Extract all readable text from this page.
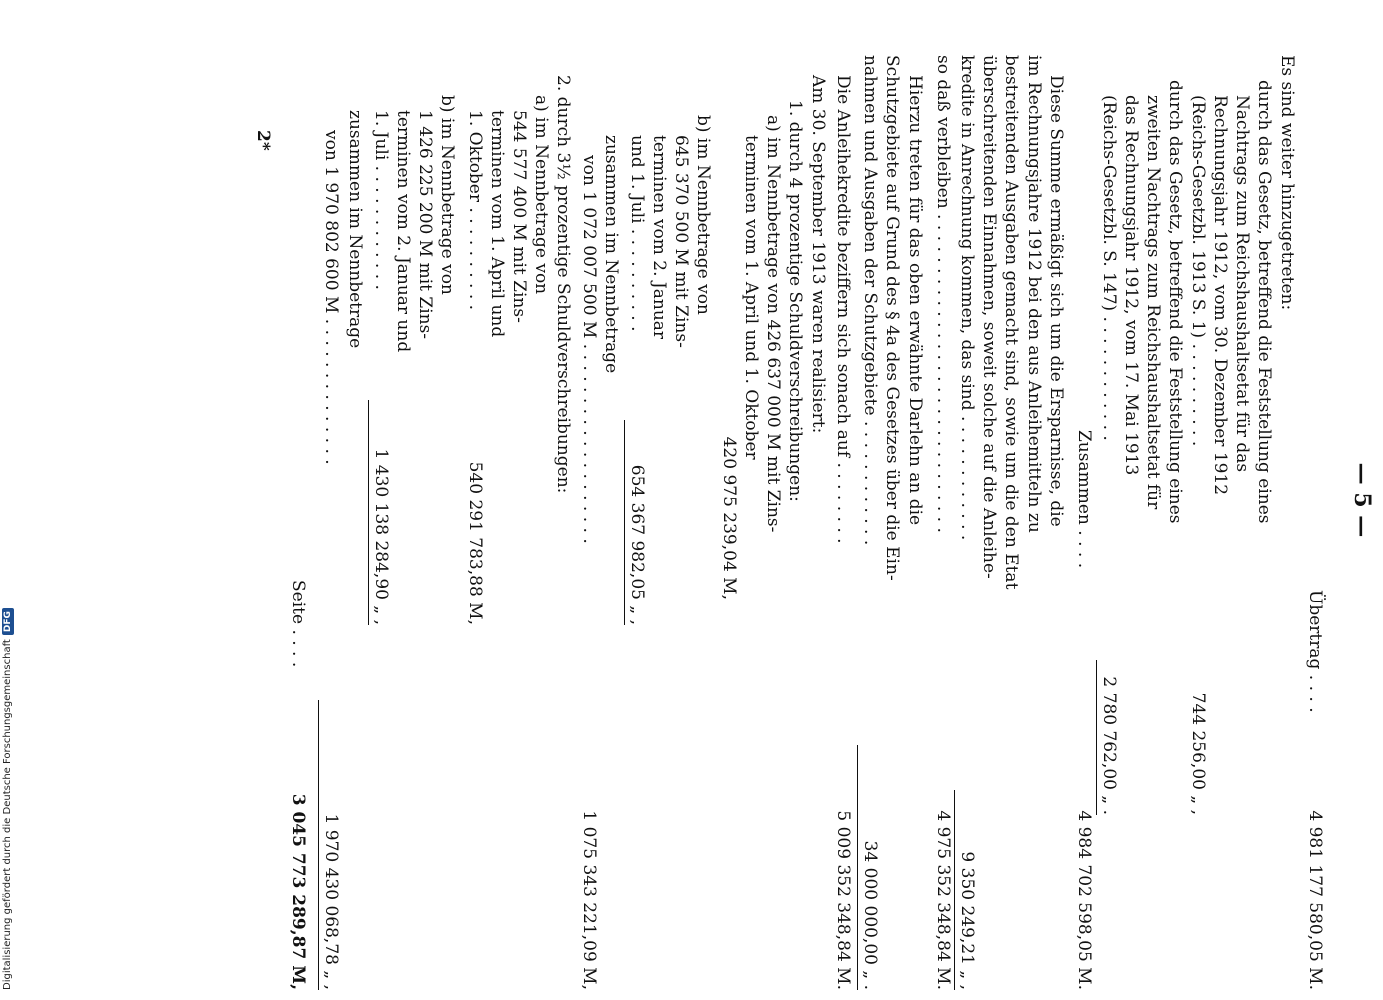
— 5 —
Übertrag . . . .
4 981 177 580,05 M.
Es sind weiter hinzugetreten:
durch das Gesetz, betreffend die Feststellung eines
Nachtrags zum Reichshaushaltsetat für das
Rechnungsjahr 1912, vom 30. Dezember 1912
(Reichs-Gesetzbl. 1913 S. 1) . . . . . . . . . .
744 256,00 „ ,
durch das Gesetz, betreffend die Feststellung eines
zweiten Nachtrags zum Reichshaushaltsetat für
das Rechnungsjahr 1912, vom 17. Mai 1913
(Reichs-Gesetzbl. S. 147) . . . . . . . . . . . .
2 780 762,00 „ .
Zusammen . . . .
4 984 702 598,05 M.
Diese Summe ermäßigt sich um die Ersparnisse, die
im Rechnungsjahre 1912 bei den aus Anleihemitteln zu
bestreitenden Ausgaben gemacht sind, sowie um die den Etat
überschreitenden Einnahmen, soweit solche auf die Anleihe-
kredite in Anrechnung kommen, das sind . . . . . . . . . . . .
9 350 249,21 „ ,
so daß verbleiben . . . . . . . . . . . . . . . . . . . . . . . . . . . . . .
4 975 352 348,84 M.
Hierzu treten für das oben erwähnte Darlehn an die
Schutzgebiete auf Grund des § 4a des Gesetzes über die Ein-
nahmen und Ausgaben der Schutzgebiete . . . . . . . . . . . .
34 000 000,00 „ .
Die Anleihekredite beziffern sich sonach auf . . . . . . . .
5 009 352 348,84 M.
Am 30. September 1913 waren realisiert:
1. durch 4 prozentige Schuldverschreibungen:
a) im Nennbetrage von 426 637 000 M mit Zins-
terminen vom 1. April und 1. Oktober
420 975 239,04 M,
b) im Nennbetrage von
645 370 500 M mit Zins-
terminen vom 2. Januar
und 1. Juli . . . . . . . . . .
654 367 982,05 „ ,
zusammen im Nennbetrage
von 1 072 007 500 M . . . . . . . . . . . . . . . . . . .
1 075 343 221,09 M,
2. durch 3½ prozentige Schuldverschreibungen:
a) im Nennbetrage von
544 577 400 M mit Zins-
terminen vom 1. April und
1. Oktober . . . . . . . . . .
540 291 783,88 M,
b) im Nennbetrage von
1 426 225 200 M mit Zins-
terminen vom 2. Januar und
1. Juli . . . . . . . . . . . .
1 430 138 284,90 „ ,
zusammen im Nennbetrage
von 1 970 802 600 M . . . . . . . . . . . . . .
1 970 430 068,78 „ ,
Seite . . . .
3 045 773 289,87 M,
2*
Digitalisierung gefördert durch die Deutsche ForschungsgemeinschaftDFG
